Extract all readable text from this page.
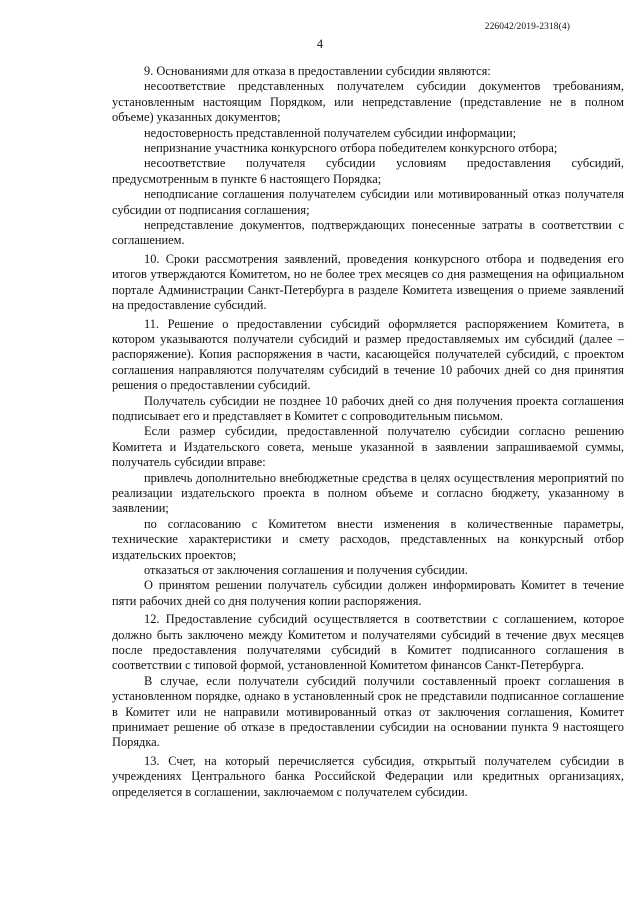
226042/2019-2318(4)
4

9. Основаниями для отказа в предоставлении субсидии являются:

несоответствие представленных получателем субсидии документов требованиям, установленным настоящим Порядком, или непредставление (представление не в полном объеме) указанных документов;

недостоверность представленной получателем субсидии информации;

непризнание участника конкурсного отбора победителем конкурсного отбора;

несоответствие получателя субсидии условиям предоставления субсидий, предусмотренным в пункте 6 настоящего Порядка;

неподписание соглашения получателем субсидии или мотивированный отказ получателя субсидии от подписания соглашения;

непредставление документов, подтверждающих понесенные затраты в соответствии с соглашением.

10. Сроки рассмотрения заявлений, проведения конкурсного отбора и подведения его итогов утверждаются Комитетом, но не более трех месяцев со дня размещения на официальном портале Администрации Санкт-Петербурга в разделе Комитета извещения о приеме заявлений на предоставление субсидий.

11. Решение о предоставлении субсидий оформляется распоряжением Комитета, в котором указываются получатели субсидий и размер предоставляемых им субсидий (далее – распоряжение). Копия распоряжения в части, касающейся получателей субсидий, с проектом соглашения направляются получателям субсидий в течение 10 рабочих дней со дня принятия решения о предоставлении субсидий.

Получатель субсидии не позднее 10 рабочих дней со дня получения проекта соглашения подписывает его и представляет в Комитет с сопроводительным письмом.

Если размер субсидии, предоставленной получателю субсидии согласно решению Комитета и Издательского совета, меньше указанной в заявлении запрашиваемой суммы, получатель субсидии вправе:

привлечь дополнительно внебюджетные средства в целях осуществления мероприятий по реализации издательского проекта в полном объеме и согласно бюджету, указанному в заявлении;

по согласованию с Комитетом внести изменения в количественные параметры, технические характеристики и смету расходов, представленных на конкурсный отбор издательских проектов;

отказаться от заключения соглашения и получения субсидии.

О принятом решении получатель субсидии должен информировать Комитет в течение пяти рабочих дней со дня получения копии распоряжения.

12. Предоставление субсидий осуществляется в соответствии с соглашением, которое должно быть заключено между Комитетом и получателями субсидий в течение двух месяцев после предоставления получателями субсидий в Комитет подписанного соглашения в соответствии с типовой формой, установленной Комитетом финансов Санкт-Петербурга.

В случае, если получатели субсидий получили составленный проект соглашения в установленном порядке, однако в установленный срок не представили подписанное соглашение в Комитет или не направили мотивированный отказ от заключения соглашения, Комитет принимает решение об отказе в предоставлении субсидии на основании пункта 9 настоящего Порядка.

13. Счет, на который перечисляется субсидия, открытый получателем субсидии в учреждениях Центрального банка Российской Федерации или кредитных организациях, определяется в соглашении, заключаемом с получателем субсидии.
